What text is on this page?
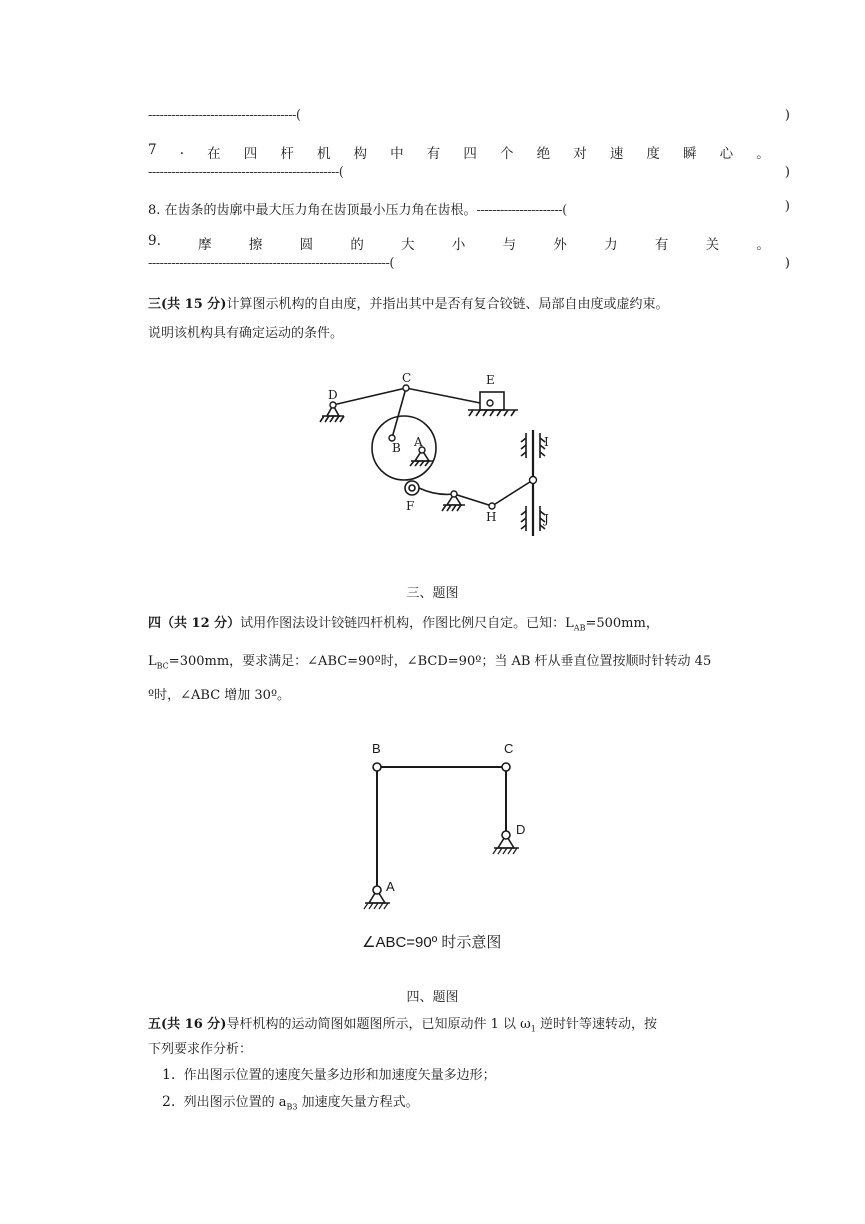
--------------------------------------(	)
7 . 在 四 杆 机 构 中 有 四 个 绝 对 速 度 瞬 心 。
-------------------------------------------------(	)
8. 在齿条的齿廓中最大压力角在齿顶最小压力角在齿根。----------------------(	)
9.	摩	擦	圆	的	大	小	与	外	力	有	关	。
--------------------------------------------------------------(	)
三(共 15 分)计算图示机构的自由度，并指出其中是否有复合铰链、局部自由度或虚约束。
说明该机构具有确定运动的条件。
D
C	E
B A	I
F
H	J
三、题图
四（共 12 分）试用作图法设计铰链四杆机构，作图比例尺自定。已知：$L_{AB}=500mm$，
$L_{BC}=300mm$，要求满足：∠ABC=90º时，∠BCD=90º；当 AB 杆从垂直位置按顺时针转动 45
º时，∠ABC 增加 30º。
B	C
D
A
∠ABC=90º 时示意图
四、题图
五(共 16 分)导杆机构的运动简图如题图所示，已知原动件 1 以 $\omega_1$ 逆时针等速转动，按
下列要求作分析：
1. 作出图示位置的速度矢量多边形和加速度矢量多边形；
2. 列出图示位置的 $a_{B3}$ 加速度矢量方程式。
